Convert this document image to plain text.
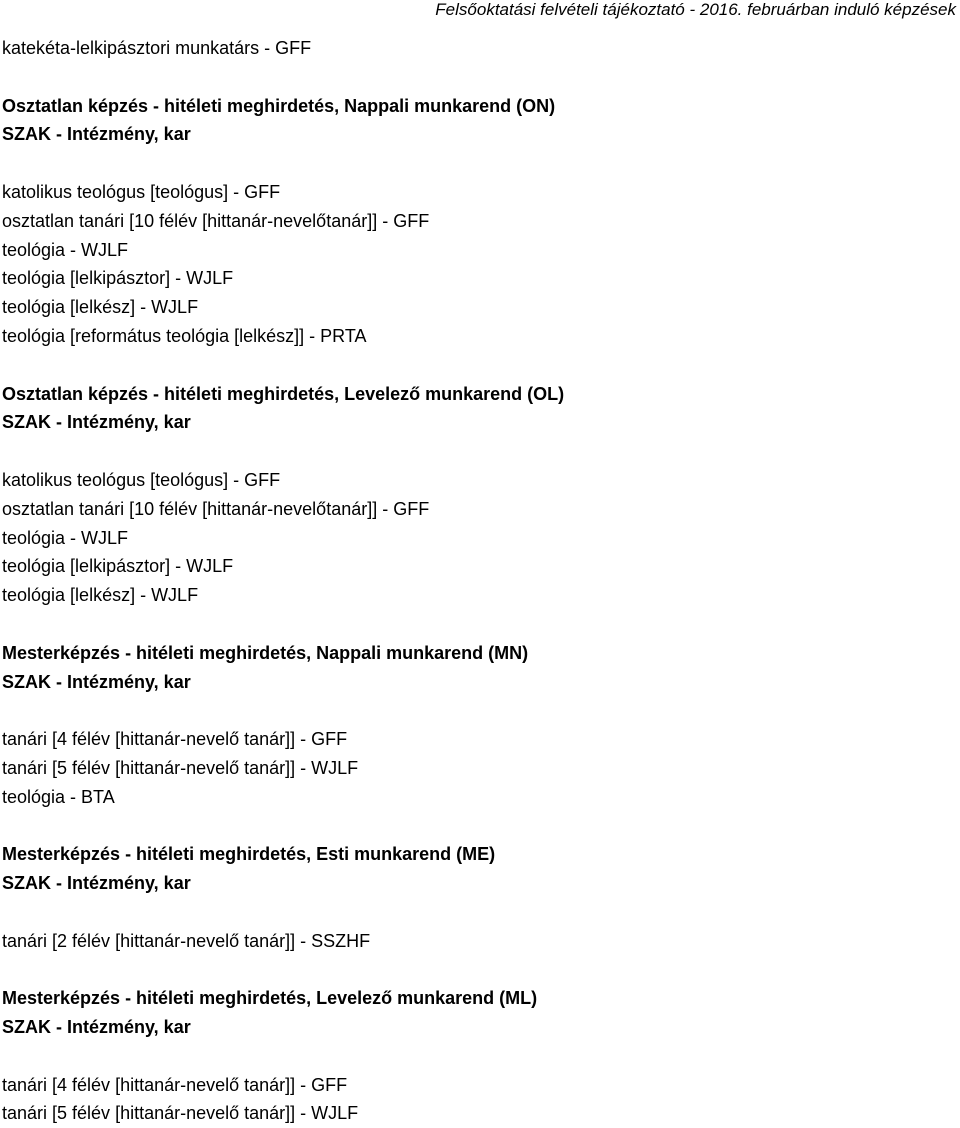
Felsőoktatási felvételi tájékoztató - 2016. februárban induló képzések
katekéta-lelkipásztori munkatárs - GFF
Osztatlan képzés - hitéleti meghirdetés, Nappali munkarend (ON)
SZAK - Intézmény, kar
katolikus teológus [teológus] - GFF
osztatlan tanári [10 félév [hittanár-nevelőtanár]] - GFF
teológia - WJLF
teológia [lelkipásztor] - WJLF
teológia [lelkész] - WJLF
teológia [református teológia [lelkész]] - PRTA
Osztatlan képzés - hitéleti meghirdetés, Levelező munkarend (OL)
SZAK - Intézmény, kar
katolikus teológus [teológus] - GFF
osztatlan tanári [10 félév [hittanár-nevelőtanár]] - GFF
teológia - WJLF
teológia [lelkipásztor] - WJLF
teológia [lelkész] - WJLF
Mesterképzés - hitéleti meghirdetés, Nappali munkarend (MN)
SZAK - Intézmény, kar
tanári [4 félév [hittanár-nevelő tanár]] - GFF
tanári [5 félév [hittanár-nevelő tanár]] - WJLF
teológia - BTA
Mesterképzés - hitéleti meghirdetés, Esti munkarend (ME)
SZAK - Intézmény, kar
tanári [2 félév [hittanár-nevelő tanár]] - SSZHF
Mesterképzés - hitéleti meghirdetés, Levelező munkarend (ML)
SZAK - Intézmény, kar
tanári [4 félév [hittanár-nevelő tanár]] - GFF
tanári [5 félév [hittanár-nevelő tanár]] - WJLF
